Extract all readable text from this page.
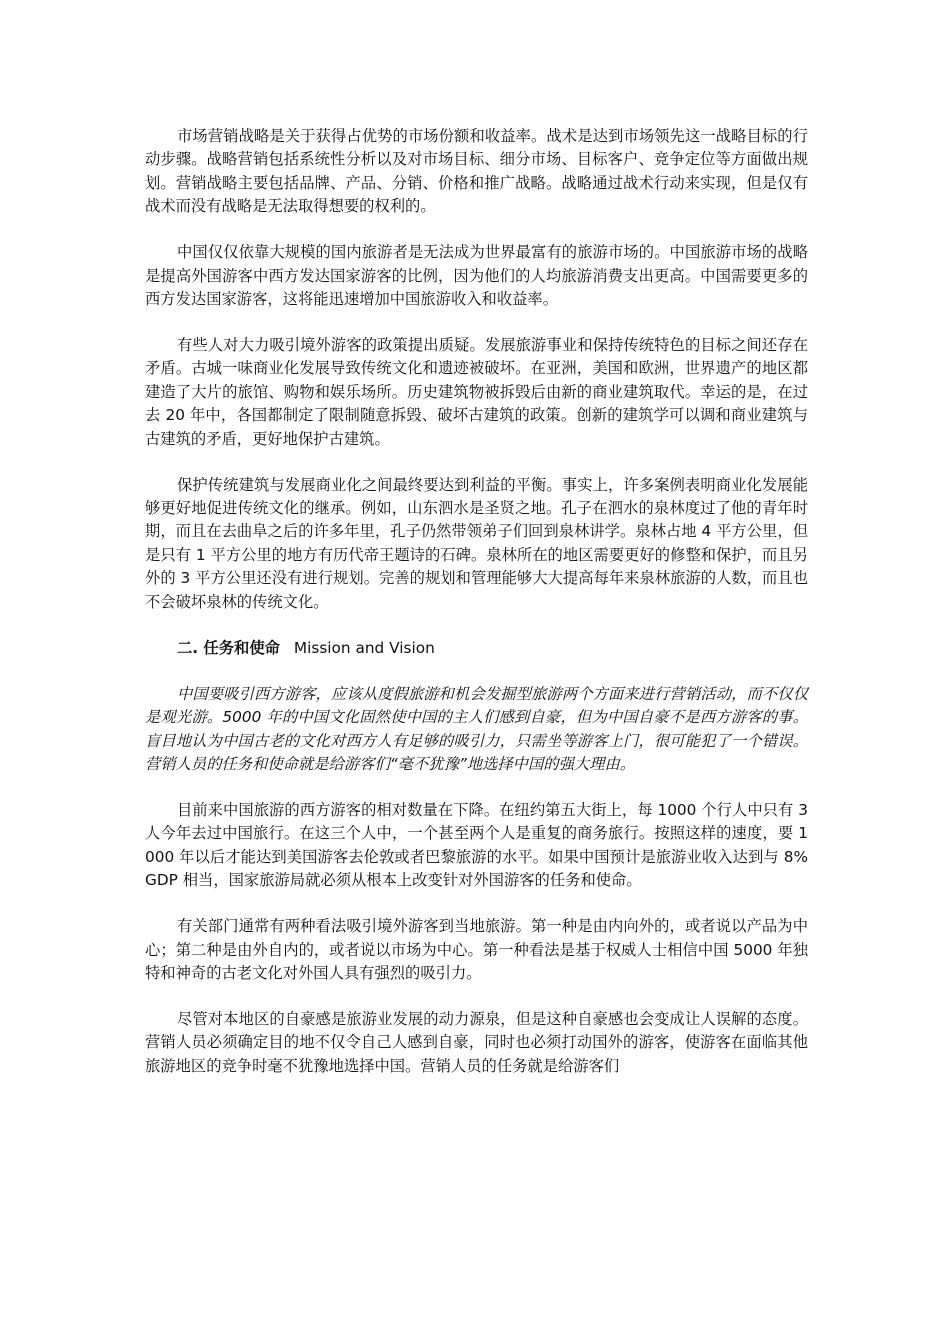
市场营销战略是关于获得占优势的市场份额和收益率。战术是达到市场领先这一战略目标的行动步骤。战略营销包括系统性分析以及对市场目标、细分市场、目标客户、竞争定位等方面做出规划。营销战略主要包括品牌、产品、分销、价格和推广战略。战略通过战术行动来实现，但是仅有战术而没有战略是无法取得想要的权利的。

中国仅仅依靠大规模的国内旅游者是无法成为世界最富有的旅游市场的。中国旅游市场的战略是提高外国游客中西方发达国家游客的比例，因为他们的人均旅游消费支出更高。中国需要更多的西方发达国家游客，这将能迅速增加中国旅游收入和收益率。

有些人对大力吸引境外游客的政策提出质疑。发展旅游事业和保持传统特色的目标之间还存在矛盾。古城一味商业化发展导致传统文化和遗迹被破坏。在亚洲，美国和欧洲，世界遗产的地区都建造了大片的旅馆、购物和娱乐场所。历史建筑物被拆毁后由新的商业建筑取代。幸运的是，在过去 20 年中，各国都制定了限制随意拆毁、破坏古建筑的政策。创新的建筑学可以调和商业建筑与古建筑的矛盾，更好地保护古建筑。

保护传统建筑与发展商业化之间最终要达到利益的平衡。事实上，许多案例表明商业化发展能够更好地促进传统文化的继承。例如，山东泗水是圣贤之地。孔子在泗水的泉林度过了他的青年时期，而且在去曲阜之后的许多年里，孔子仍然带领弟子们回到泉林讲学。泉林占地 4 平方公里，但是只有 1 平方公里的地方有历代帝王题诗的石碑。泉林所在的地区需要更好的修整和保护，而且另外的 3 平方公里还没有进行规划。完善的规划和管理能够大大提高每年来泉林旅游的人数，而且也不会破坏泉林的传统文化。

二. 任务和使命 Mission and Vision

中国要吸引西方游客，应该从度假旅游和机会发掘型旅游两个方面来进行营销活动，而不仅仅是观光游。5000 年的中国文化固然使中国的主人们感到自豪，但为中国自豪不是西方游客的事。盲目地认为中国古老的文化对西方人有足够的吸引力，只需坐等游客上门，很可能犯了一个错误。营销人员的任务和使命就是给游客们“毫不犹豫”地选择中国的强大理由。

目前来中国旅游的西方游客的相对数量在下降。在纽约第五大街上，每 1000 个行人中只有 3 人今年去过中国旅行。在这三个人中，一个甚至两个人是重复的商务旅行。按照这样的速度，要 1000 年以后才能达到美国游客去伦敦或者巴黎旅游的水平。如果中国预计是旅游业收入达到与 8%GDP 相当，国家旅游局就必须从根本上改变针对外国游客的任务和使命。

有关部门通常有两种看法吸引境外游客到当地旅游。第一种是由内向外的，或者说以产品为中心；第二种是由外自内的，或者说以市场为中心。第一种看法是基于权威人士相信中国 5000 年独特和神奇的古老文化对外国人具有强烈的吸引力。

尽管对本地区的自豪感是旅游业发展的动力源泉，但是这种自豪感也会变成让人误解的态度。营销人员必须确定目的地不仅令自己人感到自豪，同时也必须打动国外的游客，使游客在面临其他旅游地区的竞争时毫不犹豫地选择中国。营销人员的任务就是给游客们
